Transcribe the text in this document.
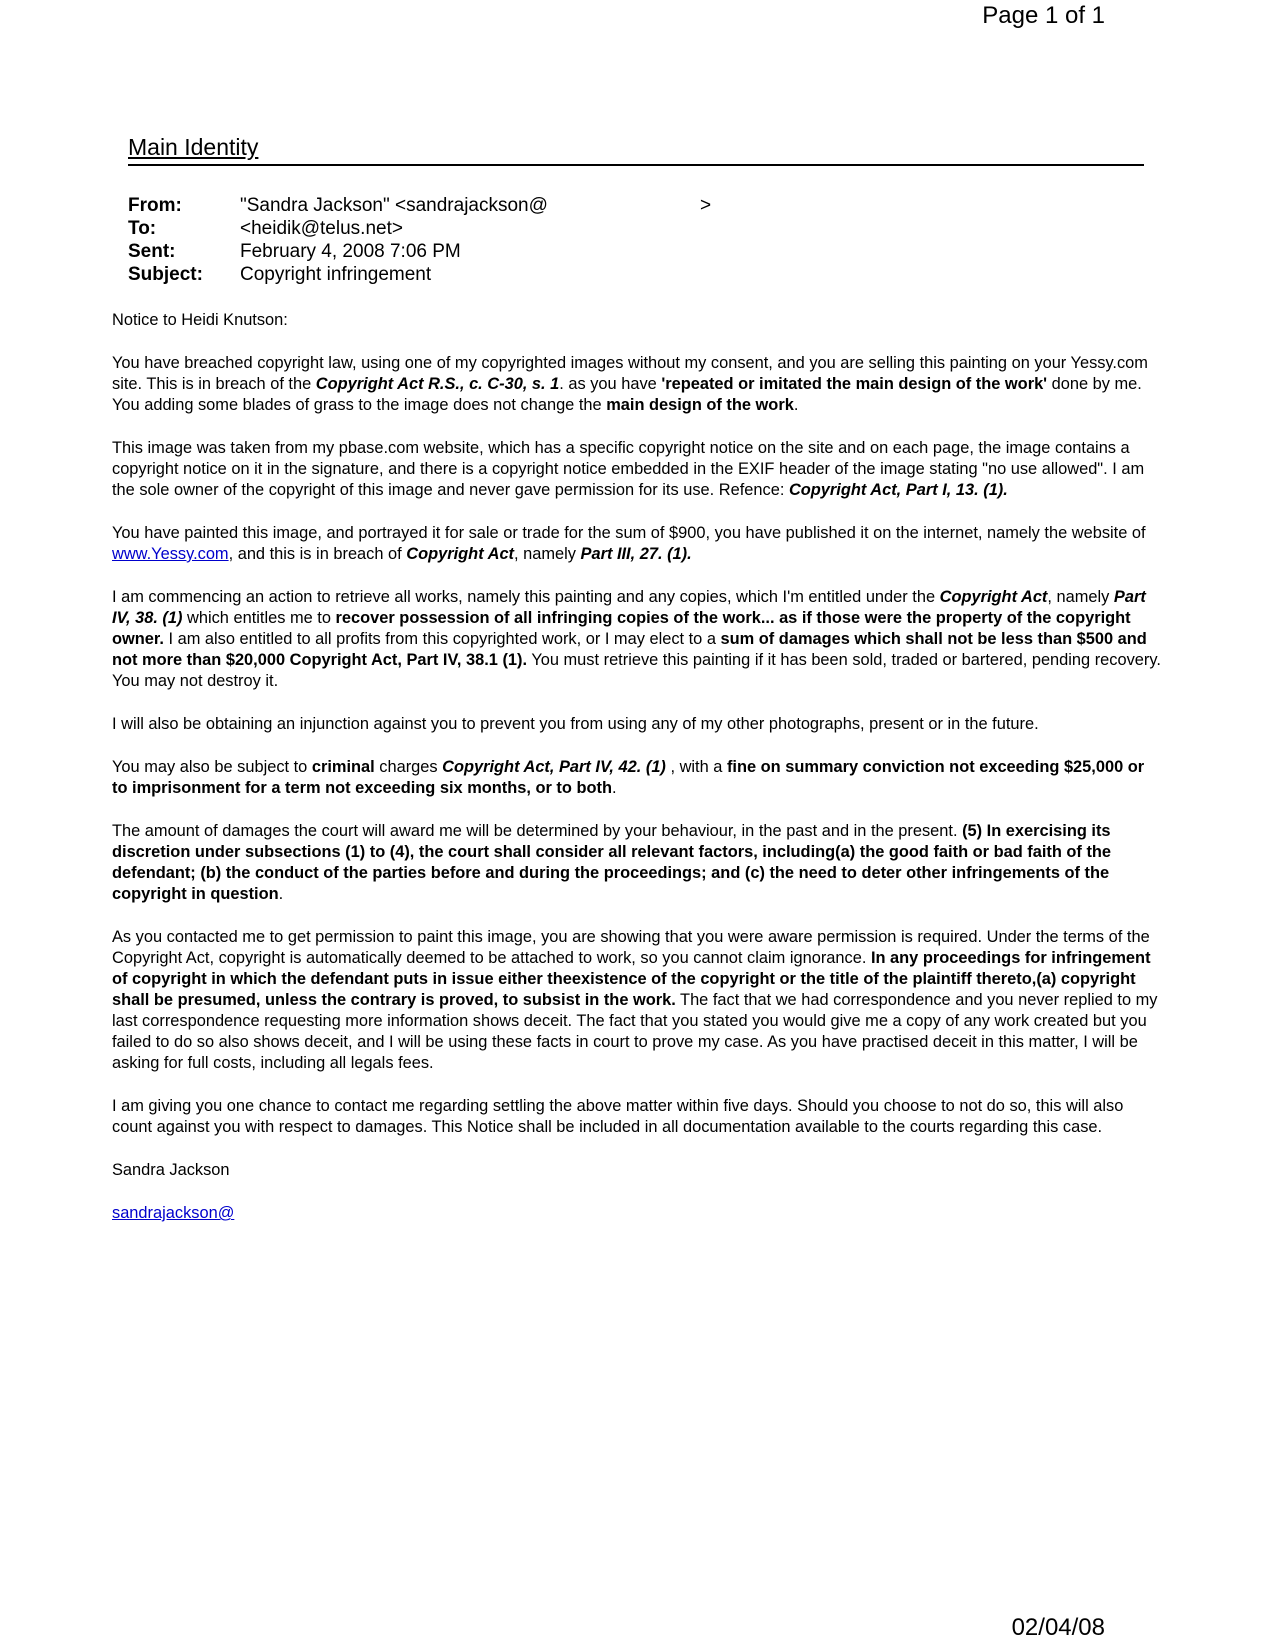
Page 1 of 1
Main Identity
From:	"Sandra Jackson" <sandrajackson@
To:	<heidik@telus.net>
Sent:	February 4, 2008 7:06 PM
Subject:	Copyright infringement
>

Notice to Heidi Knutson:

You have breached copyright law, using one of my copyrighted images without my consent, and you are selling this painting on your Yessy.com site. This is in breach of the Copyright Act R.S., c. C-30, s. 1. as you have 'repeated or imitated the main design of the work' done by me. You adding some blades of grass to the image does not change the main design of the work.

This image was taken from my pbase.com website, which has a specific copyright notice on the site and on each page, the image contains a copyright notice on it in the signature, and there is a copyright notice embedded in the EXIF header of the image stating "no use allowed". I am the sole owner of the copyright of this image and never gave permission for its use. Refence: Copyright Act, Part I, 13. (1).

You have painted this image, and portrayed it for sale or trade for the sum of $900, you have published it on the internet, namely the website of www.Yessy.com, and this is in breach of Copyright Act, namely Part III, 27. (1).

I am commencing an action to retrieve all works, namely this painting and any copies, which I'm entitled under the Copyright Act, namely Part IV, 38. (1) which entitles me to recover possession of all infringing copies of the work... as if those were the property of the copyright owner. I am also entitled to all profits from this copyrighted work, or I may elect to a sum of damages which shall not be less than $500 and not more than $20,000 Copyright Act, Part IV, 38.1 (1). You must retrieve this painting if it has been sold, traded or bartered, pending recovery. You may not destroy it.

I will also be obtaining an injunction against you to prevent you from using any of my other photographs, present or in the future.

You may also be subject to criminal charges Copyright Act, Part IV, 42. (1) , with a fine on summary conviction not exceeding $25,000 or to imprisonment for a term not exceeding six months, or to both.

The amount of damages the court will award me will be determined by your behaviour, in the past and in the present. (5) In exercising its discretion under subsections (1) to (4), the court shall consider all relevant factors, including(a) the good faith or bad faith of the defendant; (b) the conduct of the parties before and during the proceedings; and (c) the need to deter other infringements of the copyright in question.

As you contacted me to get permission to paint this image, you are showing that you were aware permission is required. Under the terms of the Copyright Act, copyright is automatically deemed to be attached to work, so you cannot claim ignorance. In any proceedings for infringement of copyright in which the defendant puts in issue either theexistence of the copyright or the title of the plaintiff thereto,(a) copyright shall be presumed, unless the contrary is proved, to subsist in the work. The fact that we had correspondence and you never replied to my last correspondence requesting more information shows deceit. The fact that you stated you would give me a copy of any work created but you failed to do so also shows deceit, and I will be using these facts in court to prove my case. As you have practised deceit in this matter, I will be asking for full costs, including all legals fees.

I am giving you one chance to contact me regarding settling the above matter within five days. Should you choose to not do so, this will also count against you with respect to damages. This Notice shall be included in all documentation available to the courts regarding this case.

Sandra Jackson

sandrajackson@

02/04/08
